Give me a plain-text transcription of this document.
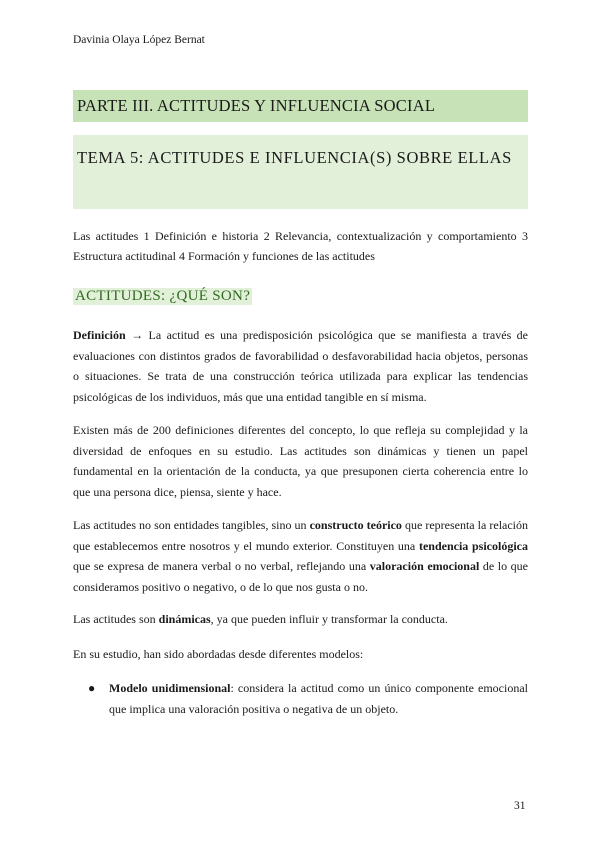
Davinia Olaya López Bernat
PARTE III. ACTITUDES Y INFLUENCIA SOCIAL
TEMA 5: ACTITUDES E INFLUENCIA(S) SOBRE ELLAS
Las actitudes 1 Definición e historia 2 Relevancia, contextualización y comportamiento 3 Estructura actitudinal 4 Formación y funciones de las actitudes
ACTITUDES: ¿QUÉ SON?

Definición → La actitud es una predisposición psicológica que se manifiesta a través de evaluaciones con distintos grados de favorabilidad o desfavorabilidad hacia objetos, personas o situaciones. Se trata de una construcción teórica utilizada para explicar las tendencias psicológicas de los individuos, más que una entidad tangible en sí misma.

Existen más de 200 definiciones diferentes del concepto, lo que refleja su complejidad y la diversidad de enfoques en su estudio. Las actitudes son dinámicas y tienen un papel fundamental en la orientación de la conducta, ya que presuponen cierta coherencia entre lo que una persona dice, piensa, siente y hace.

Las actitudes no son entidades tangibles, sino un constructo teórico que representa la relación que establecemos entre nosotros y el mundo exterior. Constituyen una tendencia psicológica que se expresa de manera verbal o no verbal, reflejando una valoración emocional de lo que consideramos positivo o negativo, o de lo que nos gusta o no.

Las actitudes son dinámicas, ya que pueden influir y transformar la conducta.

En su estudio, han sido abordadas desde diferentes modelos:

● Modelo unidimensional: considera la actitud como un único componente emocional que implica una valoración positiva o negativa de un objeto.
31
